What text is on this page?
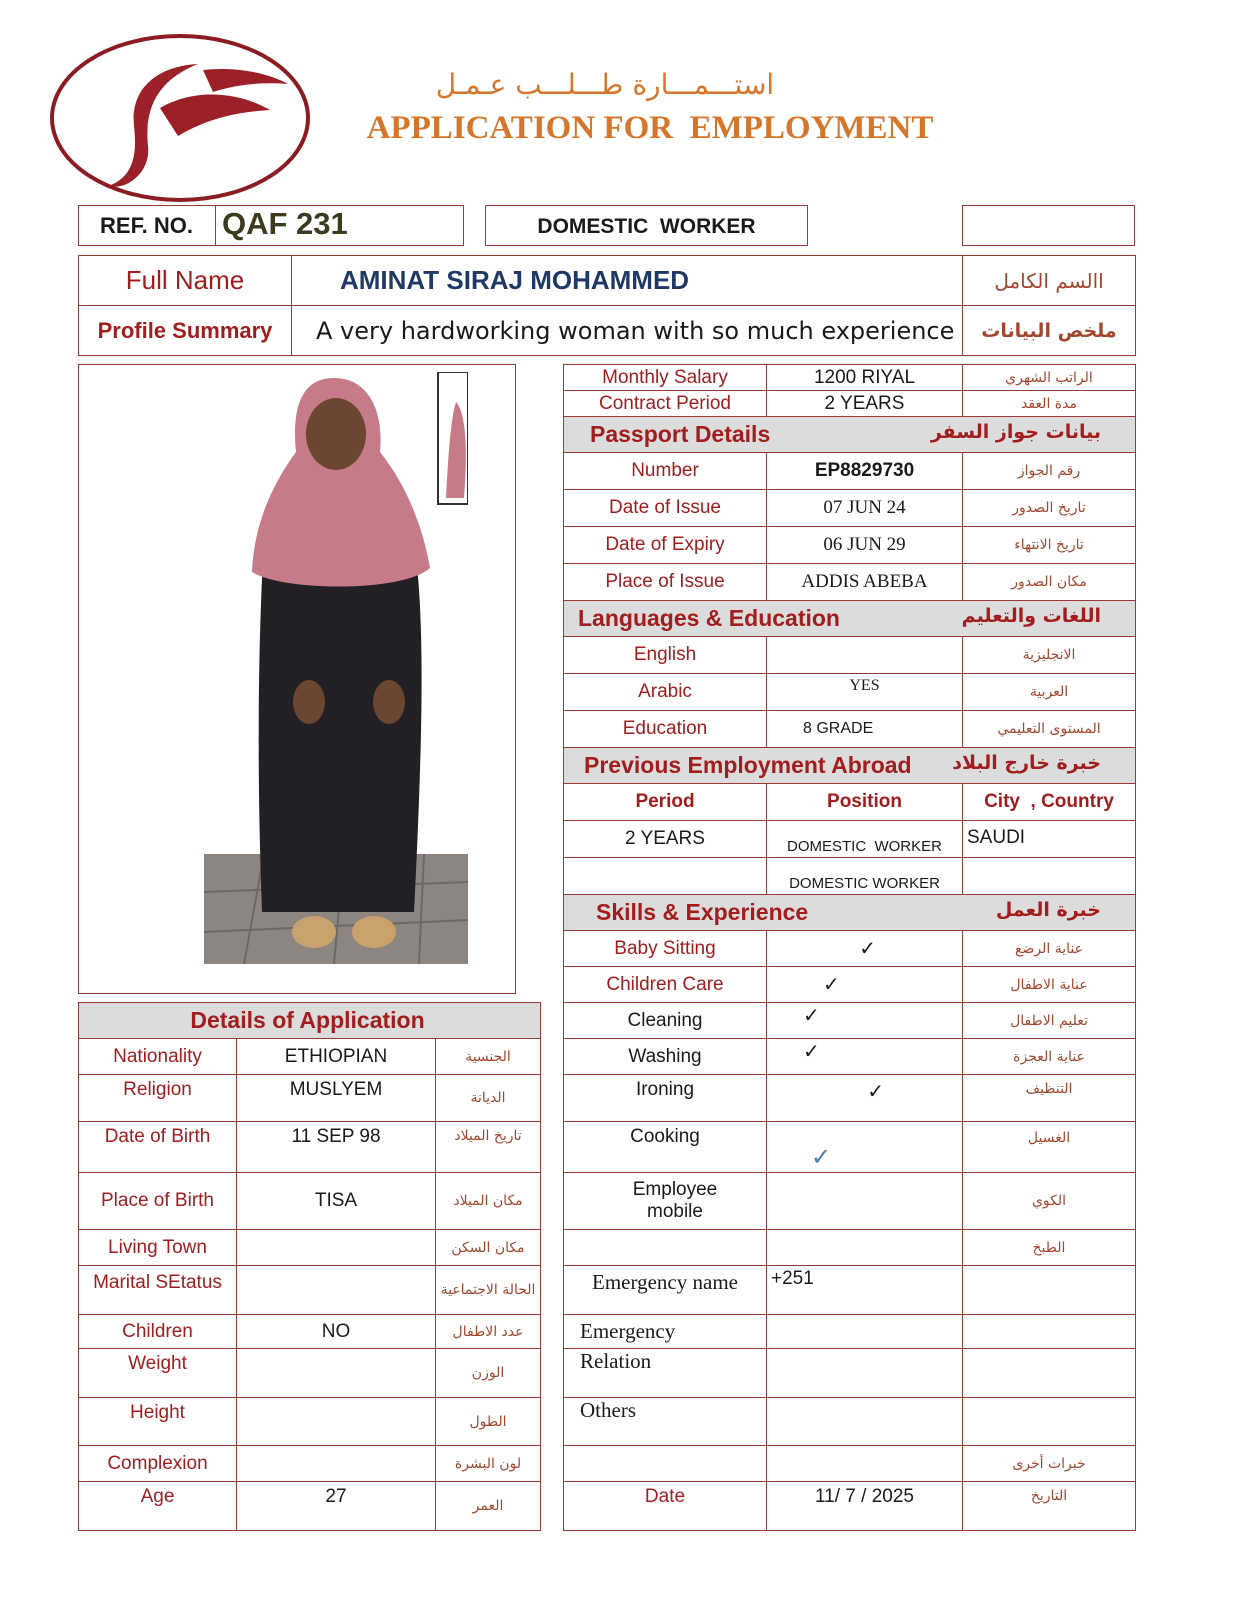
استـــمـــارة طـــلـــب عـمـل
APPLICATION FOR  EMPLOYMENT
REF. NO. QAF 231	DOMESTIC  WORKER
Full Name	AMINAT SIRAJ MOHAMMED	االسم الكامل
Profile Summary	A very hardworking woman with so much experience	ملخص البيانات
Monthly Salary	1200 RIYAL	الراتب الشهري
Contract Period	2 YEARS	مدة العقد
Passport Details بيانات جواز السفر		

Number	EP8829730	رقم الجواز
Date of Issue	07 JUN 24	تاريخ الصدور
Date of Expiry	06 JUN 29	تاريخ الانتهاء
Place of Issue	ADDIS ABEBA	مكان الصدور
Languages & Education اللغات والتعليم		

English		الانجليزية
Arabic	YES	العربية
Education	8 GRADE	المستوى التعليمي
Previous Employment Abroad خبرة خارج البلاد		

Period	Position	City  , Country
2 YEARS	DOMESTIC  WORKER	SAUDI
	DOMESTIC WORKER	
Skills & Experience خبرة العمل		

Baby Sitting	✓	عناية الرضع
Children Care	✓	عناية الاطفال
Cleaning	✓	تعليم الاطفال
Washing	✓	عناية العجزة
Ironing	✓	التنظيف
Cooking	✓	الغسيل
Employee mobile		الكوي
		الطبخ
Emergency name	+251	
Emergency		
Relation		
Others		
		خبرات أخرى
Date	11/ 7 / 2025	التاريخ
Details of Application		
Nationality	ETHIOPIAN	الجنسية
Religion	MUSLYEM	الديانة
Date of Birth	11 SEP 98	تاريخ الميلاد
Place of Birth	TISA	مكان الميلاد
Living Town		مكان السكن
Marital SEtatus		الحالة الاجتماعية
Children	NO	عدد الاطفال
Weight		الوزن
Height		الطول
Complexion		لون البشرة
Age	27	العمر
